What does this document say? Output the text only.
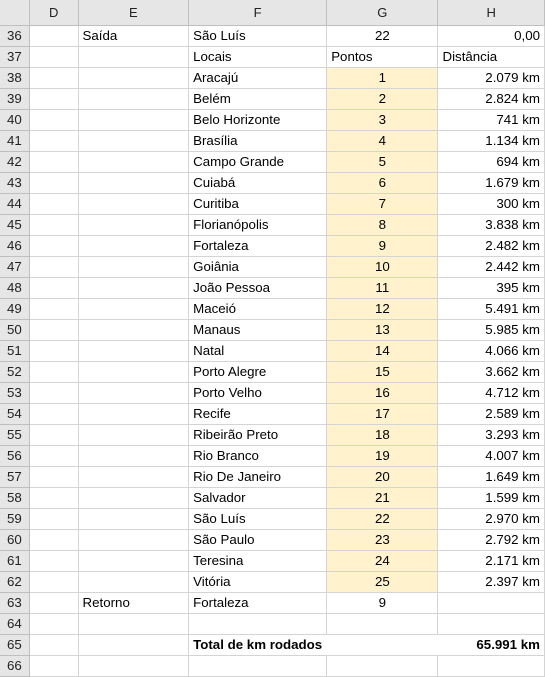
	D	E	F	G	H
36		Saída	São Luís	22	0,00
37			Locais	Pontos	Distância
38			Aracajú	1	2.079 km
39			Belém	2	2.824 km
40			Belo Horizonte	3	741 km
41			Brasília	4	1.134 km
42			Campo Grande	5	694 km
43			Cuiabá	6	1.679 km
44			Curitiba	7	300 km
45			Florianópolis	8	3.838 km
46			Fortaleza	9	2.482 km
47			Goiânia	10	2.442 km
48			João Pessoa	11	395 km
49			Maceió	12	5.491 km
50			Manaus	13	5.985 km
51			Natal	14	4.066 km
52			Porto Alegre	15	3.662 km
53			Porto Velho	16	4.712 km
54			Recife	17	2.589 km
55			Ribeirão Preto	18	3.293 km
56			Rio Branco	19	4.007 km
57			Rio De Janeiro	20	1.649 km
58			Salvador	21	1.599 km
59			São Luís	22	2.970 km
60			São Paulo	23	2.792 km
61			Teresina	24	2.171 km
62			Vitória	25	2.397 km
63		Retorno	Fortaleza	9	
64					
65			Total de km rodados		65.991 km
66					
